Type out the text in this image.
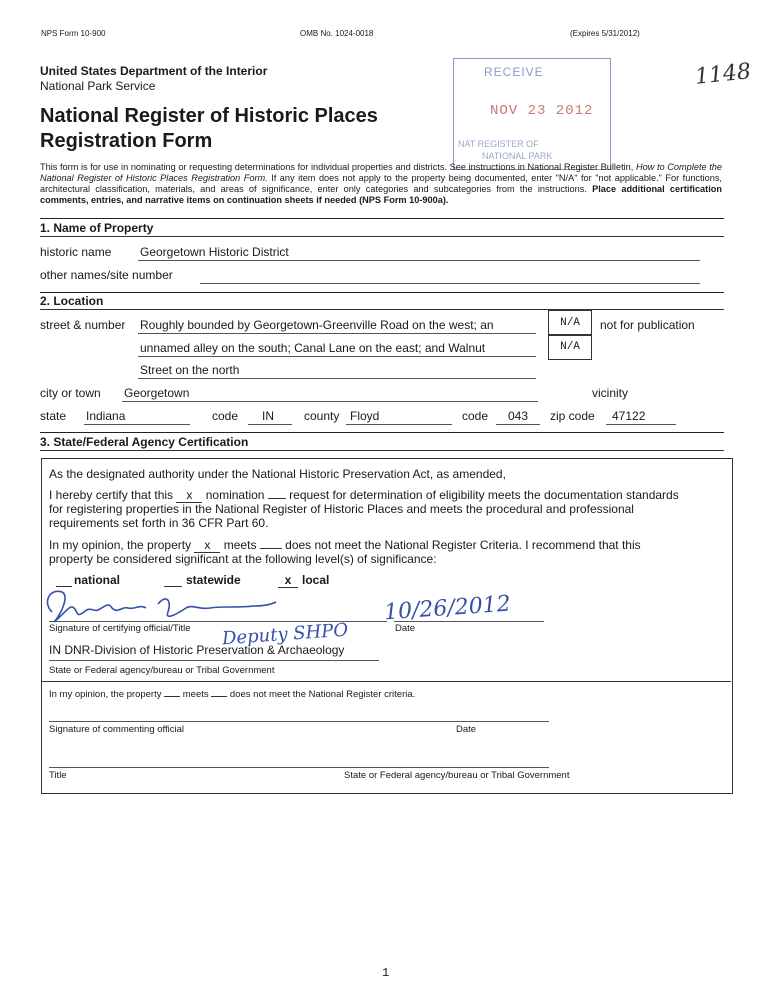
NPS Form 10-900	OMB No. 1024-0018	(Expires 5/31/2012)
United States Department of the Interior
National Park Service
National Register of Historic Places
Registration Form
RECEIVE
NOV 23 2012
NAT REGISTER OF
NATIONAL PARK
1148
This form is for use in nominating or requesting determinations for individual properties and districts. See instructions in National Register Bulletin, How to Complete the National Register of Historic Places Registration Form. If any item does not apply to the property being documented, enter "N/A" for "not applicable." For functions, architectural classification, materials, and areas of significance, enter only categories and subcategories from the instructions. Place additional certification comments, entries, and narrative items on continuation sheets if needed (NPS Form 10-900a).
1. Name of Property
historic name Georgetown Historic District
other names/site number
2. Location
street & number Roughly bounded by Georgetown-Greenville Road on the west; an
unnamed alley on the south; Canal Lane on the east; and Walnut
Street on the north
N/A	not for publication
N/A
city or town Georgetown	vicinity
state Indiana	code IN	county Floyd	code 043 zip code 47122
3. State/Federal Agency Certification
As the designated authority under the National Historic Preservation Act, as amended,
I hereby certify that this x nomination request for determination of eligibility meets the documentation standards
for registering properties in the National Register of Historic Places and meets the procedural and professional
requirements set forth in 36 CFR Part 60.
In my opinion, the property x meets does not meet the National Register Criteria. I recommend that this
property be considered significant at the following level(s) of significance:
national	statewide	x local
Signature of certifying official/Title	Date
10/26/2012
Deputy SHPO
IN DNR-Division of Historic Preservation & Archaeology
State or Federal agency/bureau or Tribal Government
In my opinion, the property meets does not meet the National Register criteria.
Signature of commenting official	Date
Title	State or Federal agency/bureau or Tribal Government
1
